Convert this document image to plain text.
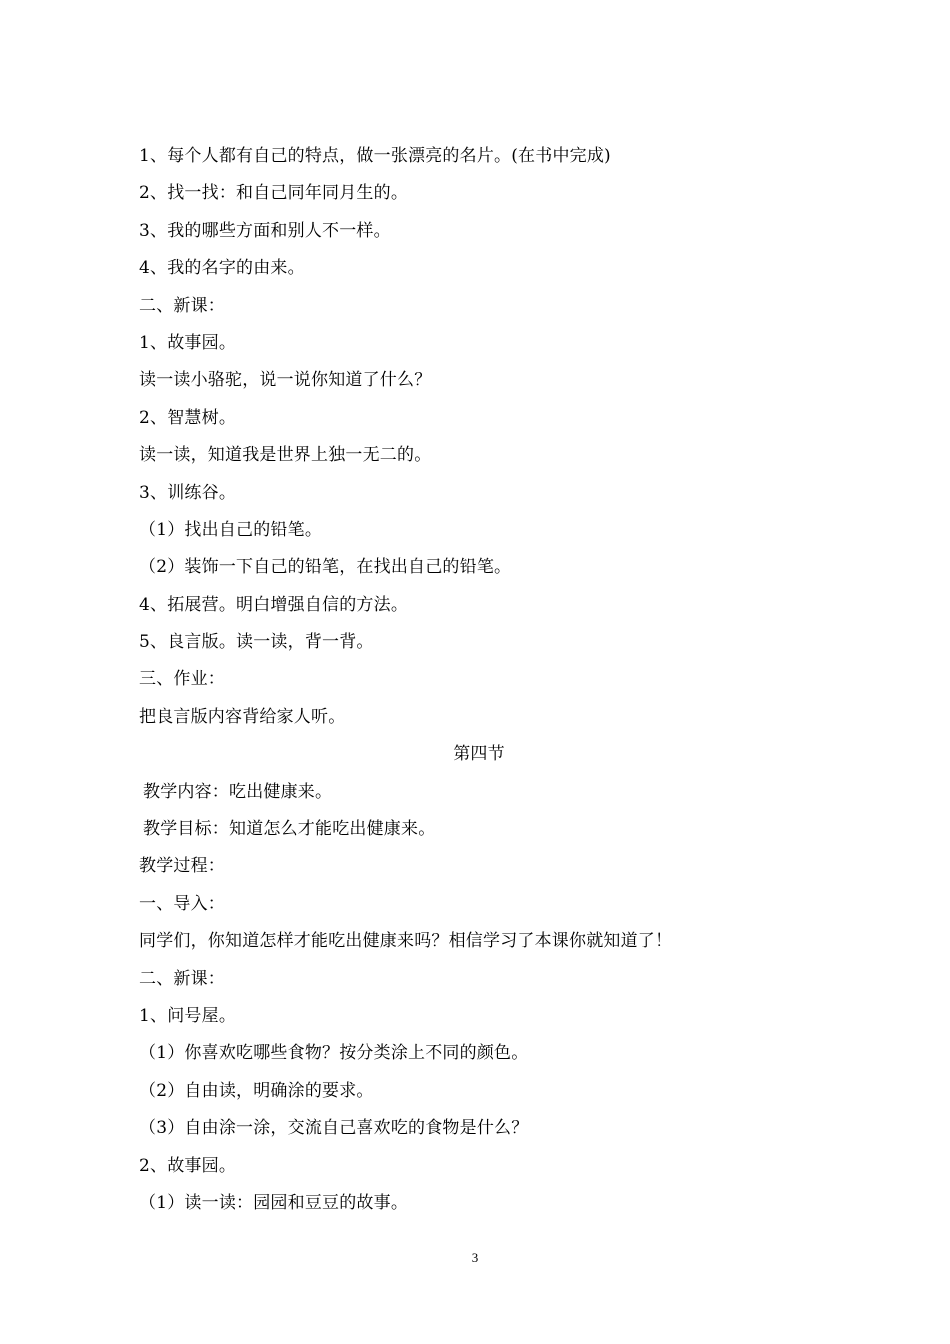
1、每个人都有自己的特点，做一张漂亮的名片。(在书中完成)
2、找一找：和自己同年同月生的。
3、我的哪些方面和别人不一样。
4、我的名字的由来。
二、新课：
1、故事园。
读一读小骆驼，说一说你知道了什么？
2、智慧树。
读一读，知道我是世界上独一无二的。
3、训练谷。
（1）找出自己的铅笔。
（2）装饰一下自己的铅笔，在找出自己的铅笔。
4、拓展营。明白增强自信的方法。
5、良言版。读一读，背一背。
三、作业：
把良言版内容背给家人听。
第四节
教学内容：吃出健康来。
教学目标：知道怎么才能吃出健康来。
教学过程：
一、导入：
同学们，你知道怎样才能吃出健康来吗？相信学习了本课你就知道了！
二、新课：
1、问号屋。
（1）你喜欢吃哪些食物？按分类涂上不同的颜色。
（2）自由读，明确涂的要求。
（3）自由涂一涂，交流自己喜欢吃的食物是什么？
2、故事园。
（1）读一读：园园和豆豆的故事。
3
